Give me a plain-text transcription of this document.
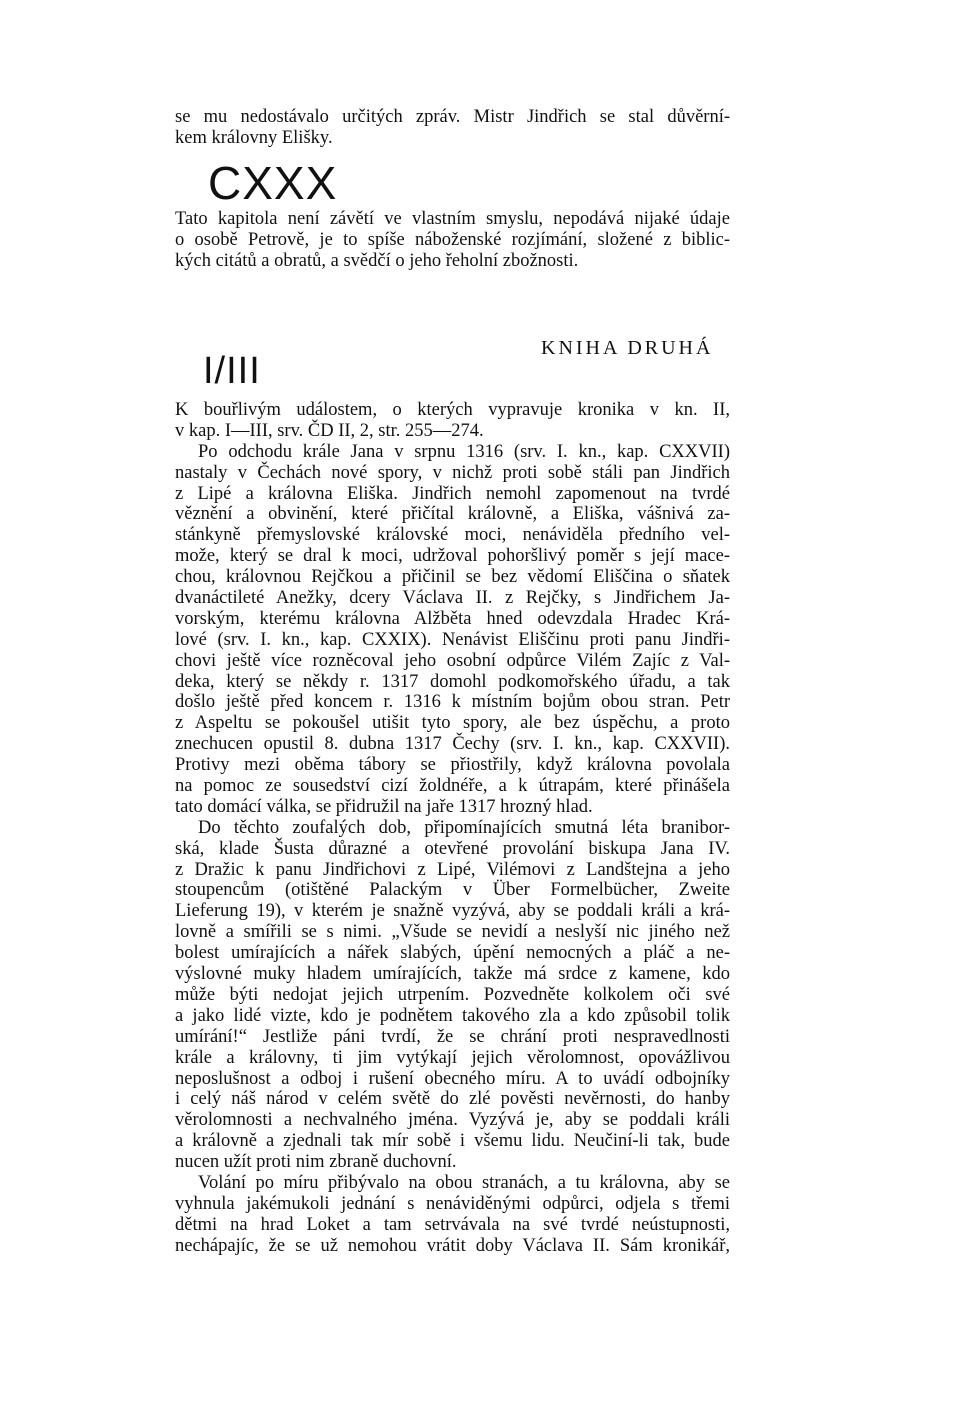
se mu nedostávalo určitých zpráv. Mistr Jindřich se stal důvěrní-
kem královny Elišky.
CXXX
Tato kapitola není závětí ve vlastním smyslu, nepodává nijaké údaje
o osobě Petrově, je to spíše náboženské rozjímání, složené z biblic-
kých citátů a obratů, a svědčí o jeho řeholní zbožnosti.
I/III
KNIHA DRUHÁ
K bouřlivým událostem, o kterých vypravuje kronika v kn. II,
v kap. I—III, srv. ČD II, 2, str. 255—274.
Po odchodu krále Jana v srpnu 1316 (srv. I. kn., kap. CXXVII)
nastaly v Čechách nové spory, v nichž proti sobě stáli pan Jindřich
z Lipé a královna Eliška. Jindřich nemohl zapomenout na tvrdé
věznění a obvinění, které přičítal královně, a Eliška, vášnivá za-
stánkyně přemyslovské královské moci, nenáviděla předního vel-
može, který se dral k moci, udržoval pohoršlivý poměr s její mace-
chou, královnou Rejčkou a přičinil se bez vědomí Eliščina o sňatek
dvanáctileté Anežky, dcery Václava II. z Rejčky, s Jindřichem Ja-
vorským, kterému královna Alžběta hned odevzdala Hradec Krá-
lové (srv. I. kn., kap. CXXIX). Nenávist Eliščinu proti panu Jindři-
chovi ještě více rozněcoval jeho osobní odpůrce Vilém Zajíc z Val-
deka, který se někdy r. 1317 domohl podkomořského úřadu, a tak
došlo ještě před koncem r. 1316 k místním bojům obou stran. Petr
z Aspeltu se pokoušel utišit tyto spory, ale bez úspěchu, a proto
znechucen opustil 8. dubna 1317 Čechy (srv. I. kn., kap. CXXVII).
Protivy mezi oběma tábory se přiostřily, když královna povolala
na pomoc ze sousedství cizí žoldnéře, a k útrapám, které přinášela
tato domácí válka, se přidružil na jaře 1317 hrozný hlad.
Do těchto zoufalých dob, připomínajících smutná léta branibor-
ská, klade Šusta důrazné a otevřené provolání biskupa Jana IV.
z Dražic k panu Jindřichovi z Lipé, Vilémovi z Landštejna a jeho
stoupencům (otištěné Palackým v Über Formelbücher, Zweite
Lieferung 19), v kterém je snažně vyzývá, aby se poddali králi a krá-
lovně a smířili se s nimi. „Všude se nevidí a neslyší nic jiného než
bolest umírajících a nářek slabých, úpění nemocných a pláč a ne-
výslovné muky hladem umírajících, takže má srdce z kamene, kdo
může býti nedojat jejich utrpením. Pozvedněte kolkolem oči své
a jako lidé vizte, kdo je podnětem takového zla a kdo způsobil tolik
umírání!“ Jestliže páni tvrdí, že se chrání proti nespravedlnosti
krále a královny, ti jim vytýkají jejich věrolomnost, opovážlivou
neposlušnost a odboj i rušení obecného míru. A to uvádí odbojníky
i celý náš národ v celém světě do zlé pověsti nevěrnosti, do hanby
věrolomnosti a nechvalného jména. Vyzývá je, aby se poddali králi
a královně a zjednali tak mír sobě i všemu lidu. Neučiní-li tak, bude
nucen užít proti nim zbraně duchovní.
Volání po míru přibývalo na obou stranách, a tu královna, aby se
vyhnula jakémukoli jednání s nenáviděnými odpůrci, odjela s třemi
dětmi na hrad Loket a tam setrvávala na své tvrdé neústupnosti,
nechápajíc, že se už nemohou vrátit doby Václava II. Sám kronikář,
